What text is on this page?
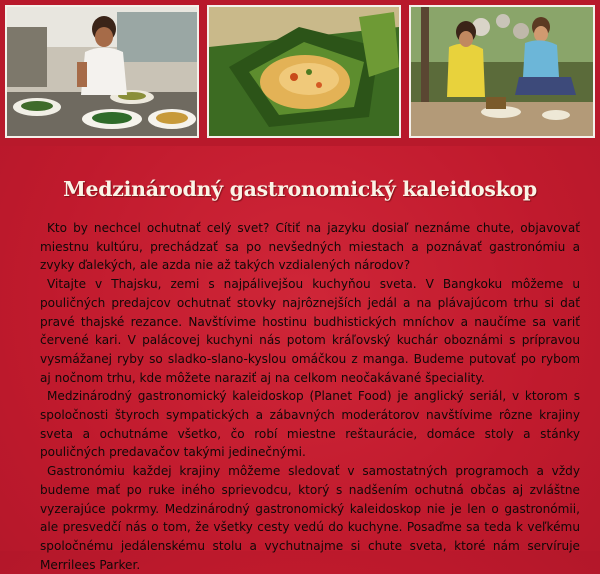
Medzinárodný gastronomický kaleidoskop

Kto by nechcel ochutnať celý svet? Cítiť na jazyku dosiaľ neznáme chute, objavovať miestnu kultúru, prechádzať sa po nevšedných miestach a poznávať gastronómiu a zvyky ďalekých, ale azda nie až takých vzdialených národov?

Vitajte v Thajsku, zemi s najpálivejšou kuchyňou sveta. V Bangkoku môžeme u pouličných predajcov ochutnať stovky najrôznejších jedál a na plávajúcom trhu si dať pravé thajské rezance. Navštívime hostinu budhistických mníchov a naučíme sa variť červené kari. V palácovej kuchyni nás potom kráľovský kuchár oboznámi s prípravou vysmážanej ryby so sladko-slano-kyslou omáčkou z manga. Budeme putovať po rybom aj nočnom trhu, kde môžete naraziť aj na celkom neočakávané špeciality.

Medzinárodný gastronomický kaleidoskop (Planet Food) je anglický seriál, v ktorom s spoločnosti štyroch sympatických a zábavných moderátorov navštívime rôzne krajiny sveta a ochutnáme všetko, čo robí miestne reštaurácie, domáce stoly a stánky pouličných predavačov takými jedinečnými.

Gastronómiu každej krajiny môžeme sledovať v samostatných programoch a vždy budeme mať po ruke iného sprievodcu, ktorý s nadšením ochutná občas aj zvláštne vyzerajúce pokrmy. Medzinárodný gastronomický kaleidoskop nie je len o gastronómii, ale presvedčí nás o tom, že všetky cesty vedú do kuchyne. Posaďme sa teda k veľkému spoločnému jedálenskému stolu a vychutnajme si chute sveta, ktoré nám servíruje Merrilees Parker.
